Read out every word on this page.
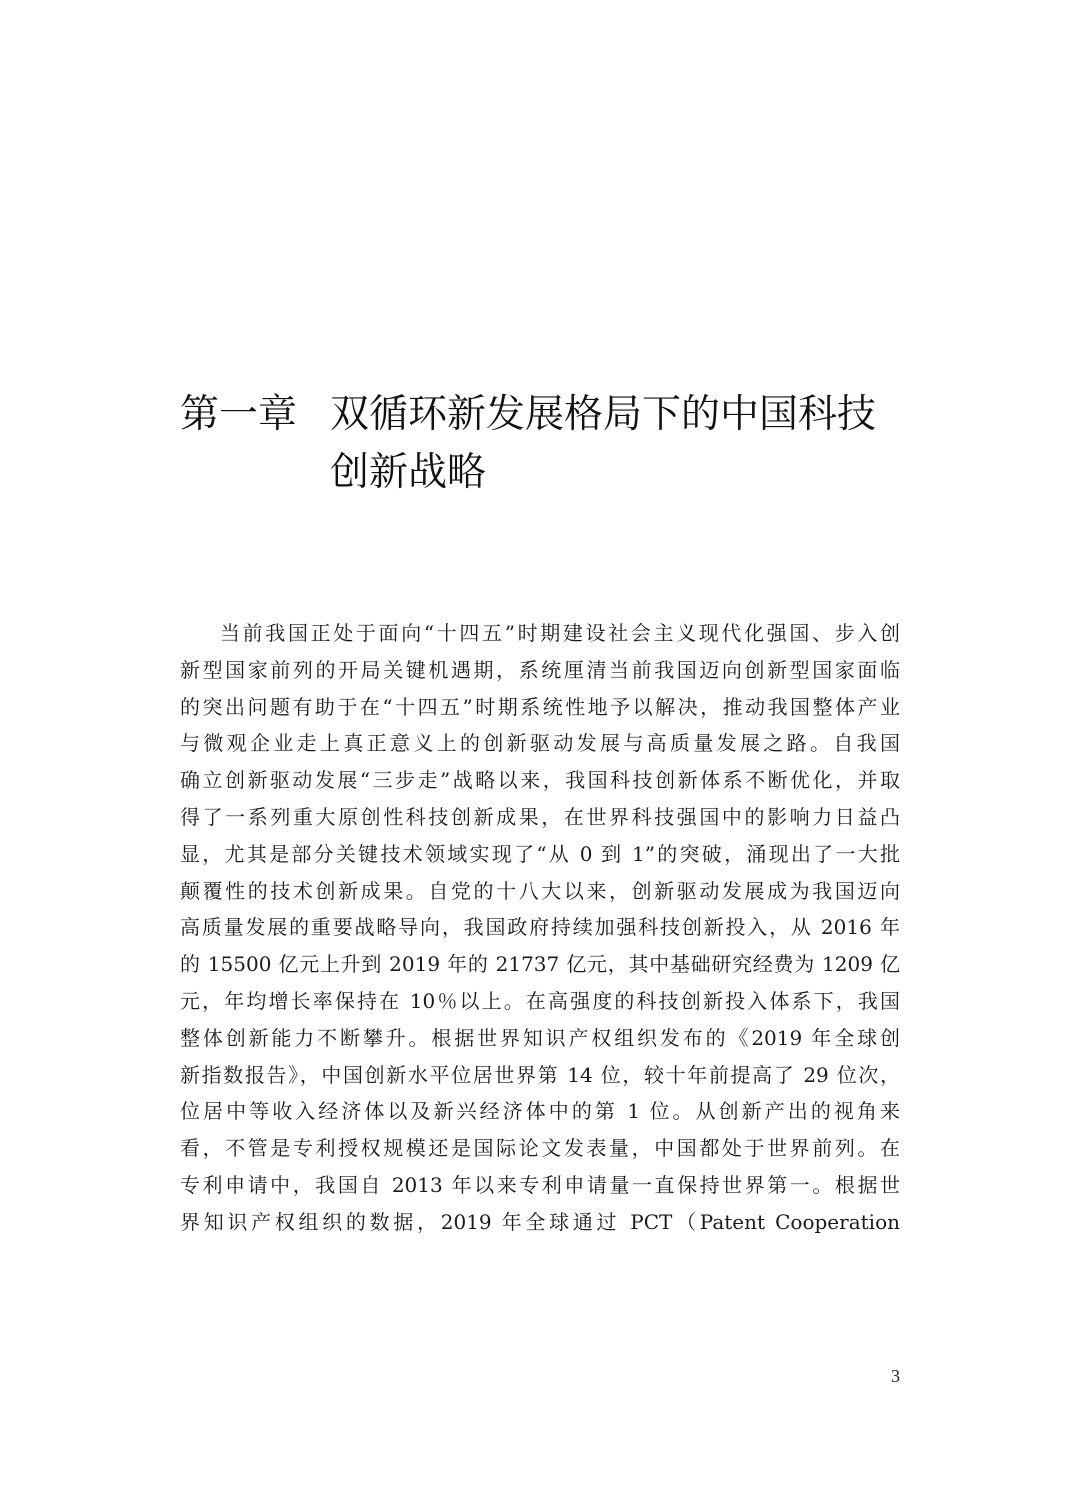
第一章 双循环新发展格局下的中国科技
创新战略
当前我国正处于面向“十四五”时期建设社会主义现代化强国、步入创
新型国家前列的开局关键机遇期，系统厘清当前我国迈向创新型国家面临
的突出问题有助于在“十四五”时期系统性地予以解决，推动我国整体产业
与微观企业走上真正意义上的创新驱动发展与高质量发展之路。自我国
确立创新驱动发展“三步走”战略以来，我国科技创新体系不断优化，并取
得了一系列重大原创性科技创新成果，在世界科技强国中的影响力日益凸
显，尤其是部分关键技术领域实现了“从 0 到 1”的突破，涌现出了一大批
颠覆性的技术创新成果。自党的十八大以来，创新驱动发展成为我国迈向
高质量发展的重要战略导向，我国政府持续加强科技创新投入，从 2016 年
的 15500 亿元上升到 2019 年的 21737 亿元，其中基础研究经费为 1209 亿
元，年均增长率保持在 10％以上。在高强度的科技创新投入体系下，我国
整体创新能力不断攀升。根据世界知识产权组织发布的《2019 年全球创
新指数报告》，中国创新水平位居世界第 14 位，较十年前提高了 29 位次，
位居中等收入经济体以及新兴经济体中的第 1 位。从创新产出的视角来
看，不管是专利授权规模还是国际论文发表量，中国都处于世界前列。在
专利申请中，我国自 2013 年以来专利申请量一直保持世界第一。根据世
界知识产权组织的数据，2019 年全球通过 PCT（Patent Cooperation
3
